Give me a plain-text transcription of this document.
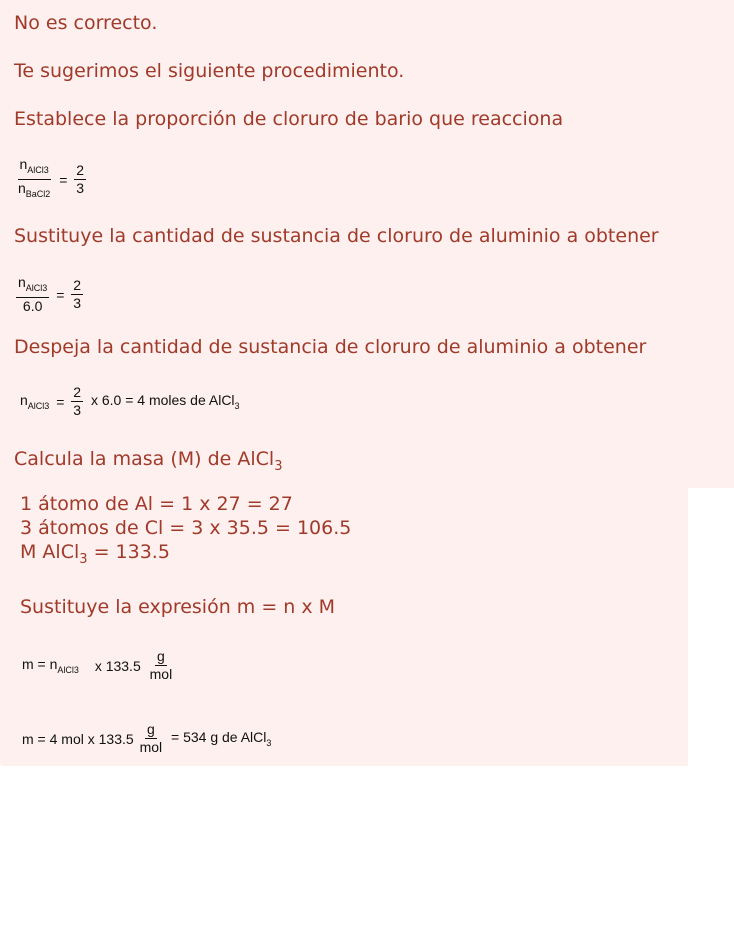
No es correcto.
Te sugerimos el siguiente procedimiento.
Establece la proporción de cloruro de bario que reacciona
$\frac{n_{AlCl3}}{n_{BaCl2}} = \frac{2}{3}$
Sustituye la cantidad de sustancia de cloruro de aluminio a obtener
$\frac{n_{AlCl3}}{6.0} = \frac{2}{3}$
Despeja la cantidad de sustancia de cloruro de aluminio a obtener
$n_{AlCl3} = \frac{2}{3}$ x 6.0 = 4 moles de AlCl$_3$
Calcula la masa (M) de AlCl$_3$
1 átomo de Al = 1 x 27 = 27
3 átomos de Cl = 3 x 35.5 = 106.5
M AlCl$_3$ = 133.5
Sustituye la expresión m = n x M
$m = n_{AlCl3}$ x $133.5 \frac{g}{\text{mol}}$
m = 4 mol x $133.5 \frac{g}{\text{mol}} = 534$ g de AlCl$_3$
